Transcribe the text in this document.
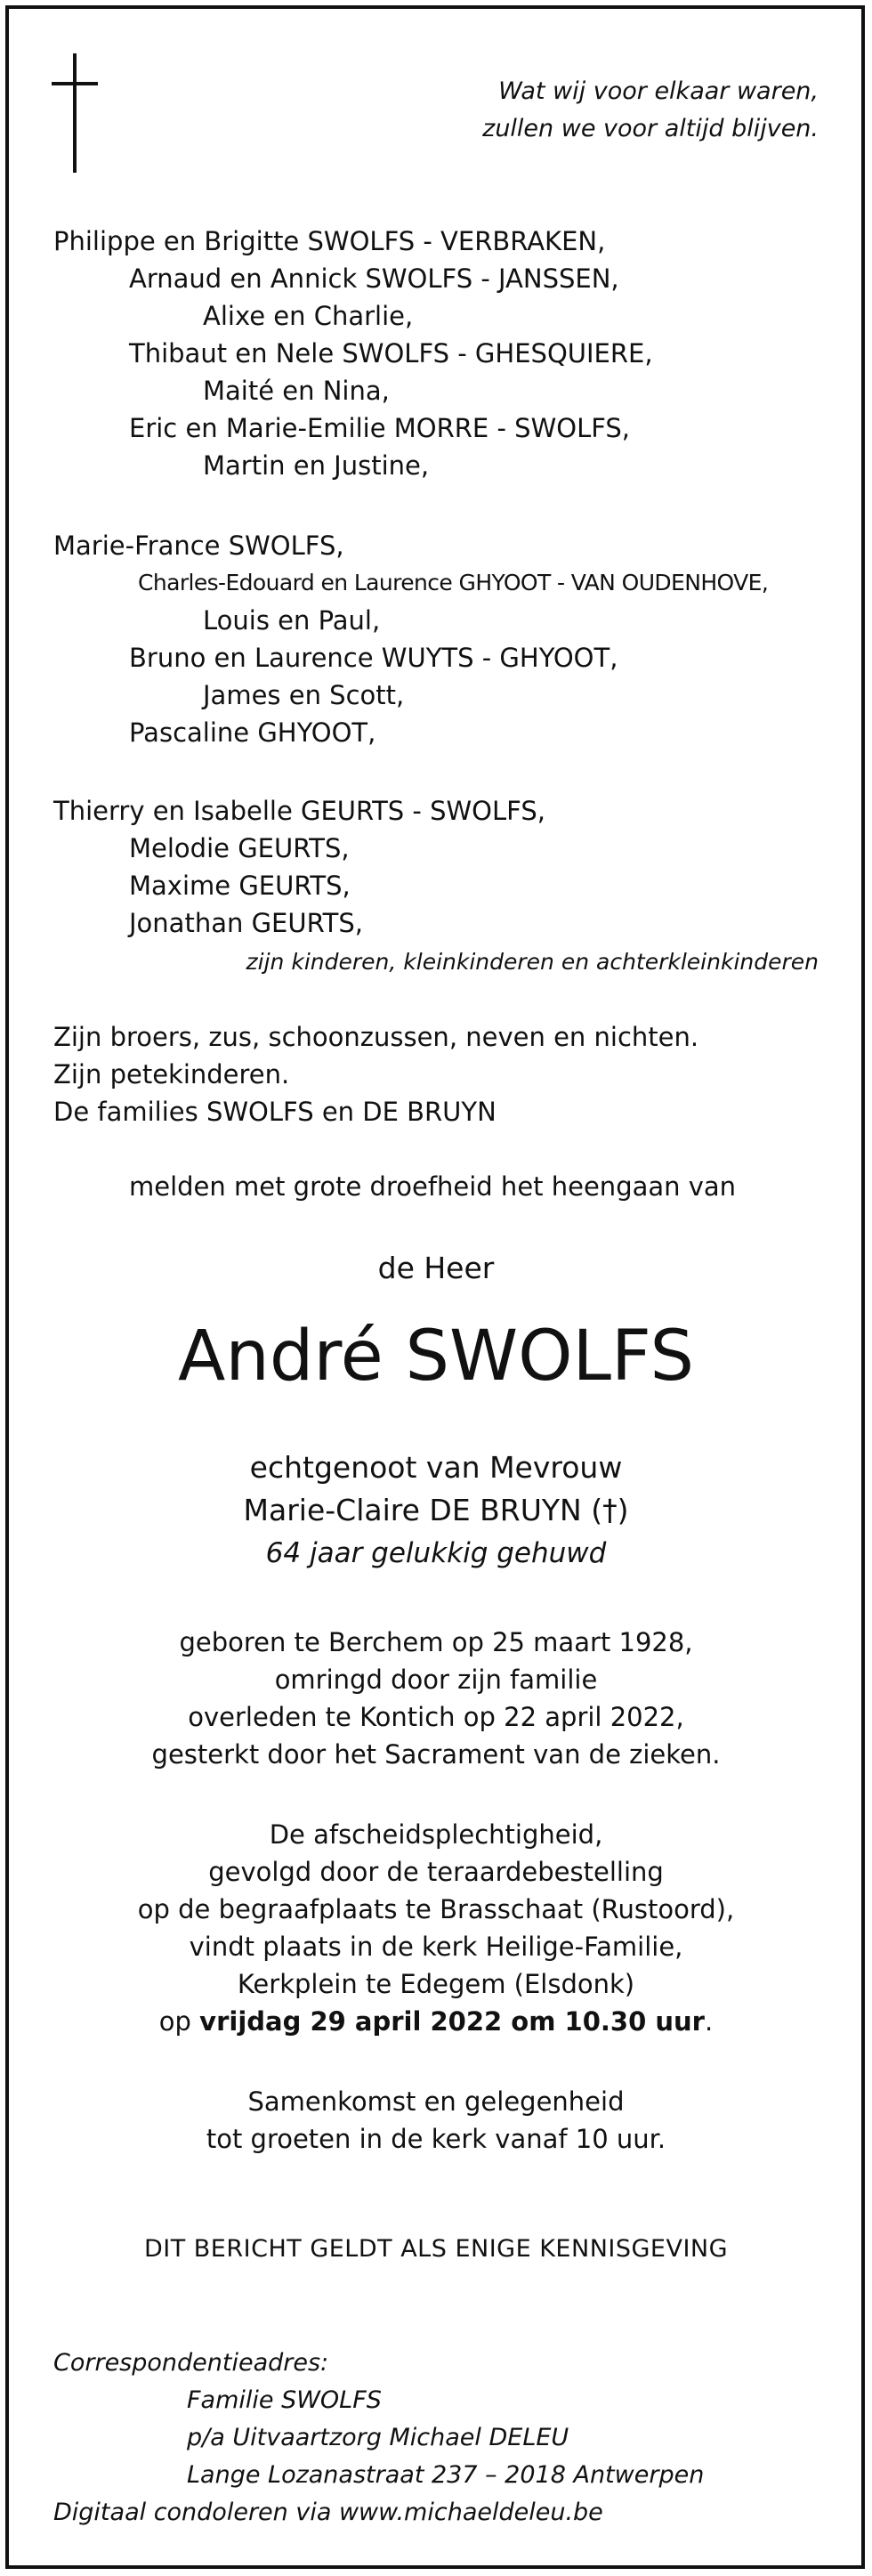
Wat wij voor elkaar waren,
zullen we voor altijd blijven.
Philippe en Brigitte SWOLFS - VERBRAKEN,
Arnaud en Annick SWOLFS - JANSSEN,
Alixe en Charlie,
Thibaut en Nele SWOLFS - GHESQUIERE,
Maité en Nina,
Eric en Marie-Emilie MORRE - SWOLFS,
Martin en Justine,
Marie-France SWOLFS,
Charles-Edouard en Laurence GHYOOT - VAN OUDENHOVE,
Louis en Paul,
Bruno en Laurence WUYTS - GHYOOT,
James en Scott,
Pascaline GHYOOT,
Thierry en Isabelle GEURTS - SWOLFS,
Melodie GEURTS,
Maxime GEURTS,
Jonathan GEURTS,
zijn kinderen, kleinkinderen en achterkleinkinderen
Zijn broers, zus, schoonzussen, neven en nichten.
Zijn petekinderen.
De families SWOLFS en DE BRUYN
melden met grote droefheid het heengaan van
de Heer
André SWOLFS
echtgenoot van Mevrouw
Marie-Claire DE BRUYN (†)
64 jaar gelukkig gehuwd
geboren te Berchem op 25 maart 1928,
omringd door zijn familie
overleden te Kontich op 22 april 2022,
gesterkt door het Sacrament van de zieken.
De afscheidsplechtigheid,
gevolgd door de teraardebestelling
op de begraafplaats te Brasschaat (Rustoord),
vindt plaats in de kerk Heilige-Familie,
Kerkplein te Edegem (Elsdonk)
op vrijdag 29 april 2022 om 10.30 uur.
Samenkomst en gelegenheid
tot groeten in de kerk vanaf 10 uur.
DIT BERICHT GELDT ALS ENIGE KENNISGEVING
Correspondentieadres:
Familie SWOLFS
p/a Uitvaartzorg Michael DELEU
Lange Lozanastraat 237 – 2018 Antwerpen
Digitaal condoleren via www.michaeldeleu.be
